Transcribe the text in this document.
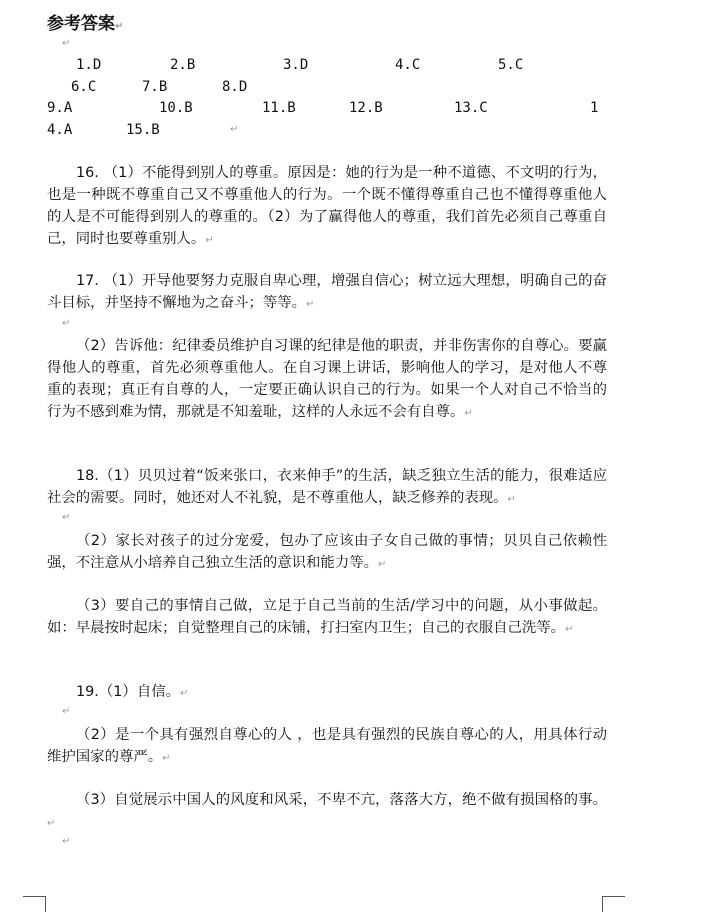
参考答案↵
↵
1.D	2.B	3.D	4.C	5.C
6.C	7.B	8.D
9.A	10.B	11.B	12.B	13.C	1
4.A	15.B	↵
16. （1）不能得到别人的尊重。原因是：她的行为是一种不道德、不文明的行为，也是一种既不尊重自己又不尊重他人的行为。一个既不懂得尊重自己也不懂得尊重他人的人是不可能得到别人的尊重的。（2）为了赢得他人的尊重，我们首先必须自己尊重自己，同时也要尊重别人。↵
17. （1）开导他要努力克服自卑心理，增强自信心；树立远大理想，明确自己的奋斗目标，并坚持不懈地为之奋斗；等等。↵
↵
（2）告诉他：纪律委员维护自习课的纪律是他的职责，并非伤害你的自尊心。要赢得他人的尊重，首先必须尊重他人。在自习课上讲话，影响他人的学习，是对他人不尊重的表现；真正有自尊的人，一定要正确认识自己的行为。如果一个人对自己不恰当的行为不感到难为情，那就是不知羞耻，这样的人永远不会有自尊。↵
18.（1）贝贝过着“饭来张口，衣来伸手”的生活，缺乏独立生活的能力，很难适应社会的需要。同时，她还对人不礼貌，是不尊重他人，缺乏修养的表现。↵
↵
（2）家长对孩子的过分宠爱，包办了应该由子女自己做的事情；贝贝自己依赖性强，不注意从小培养自己独立生活的意识和能力等。↵
（3）要自己的事情自己做，立足于自己当前的生活/学习中的问题，从小事做起。如：早晨按时起床；自觉整理自己的床铺，打扫室内卫生；自己的衣服自己洗等。↵
19.（1）自信。↵
↵
（2）是一个具有强烈自尊心的人 ，也是具有强烈的民族自尊心的人，用具体行动维护国家的尊严。↵
（3）自觉展示中国人的风度和风采，不卑不亢，落落大方，绝不做有损国格的事。↵
↵
